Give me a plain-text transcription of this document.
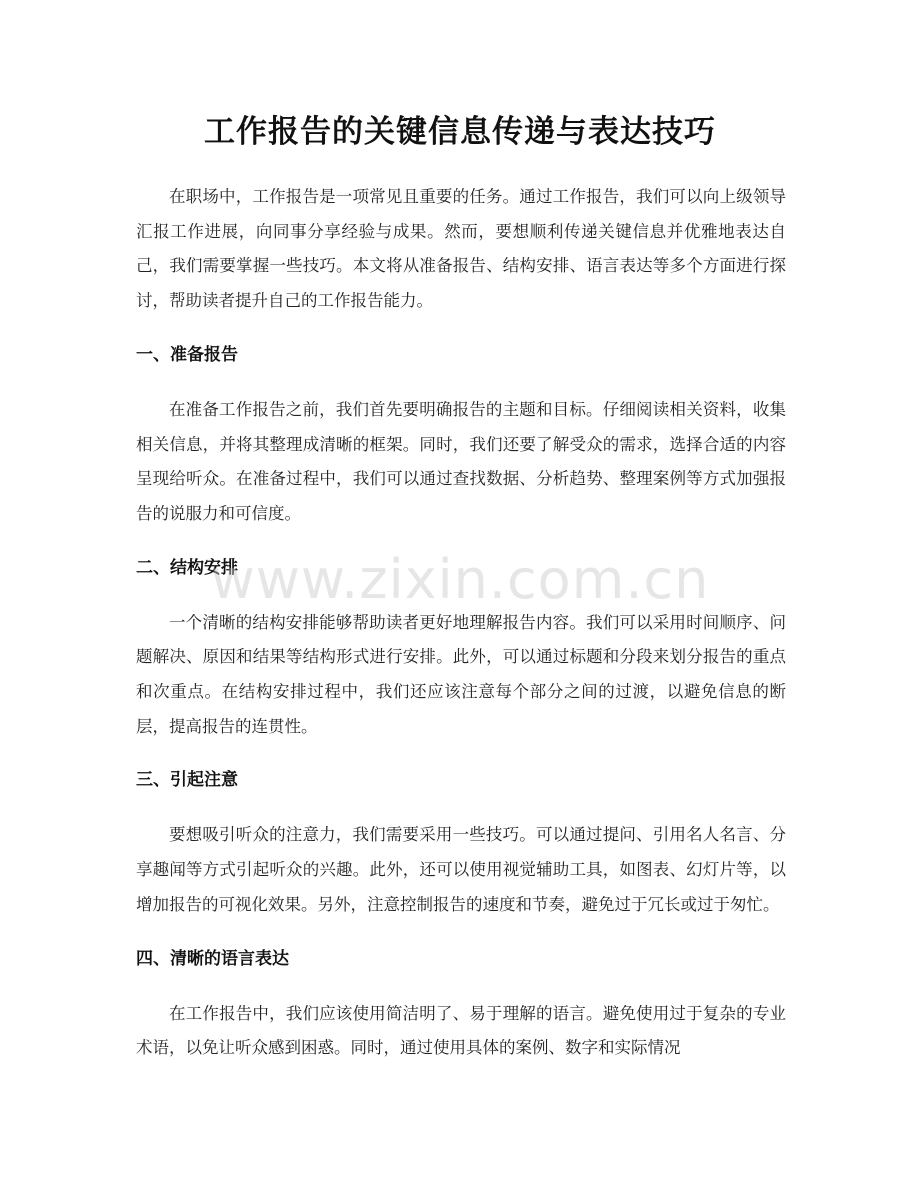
工作报告的关键信息传递与表达技巧

在职场中，工作报告是一项常见且重要的任务。通过工作报告，我们可以向上级领导汇报工作进展，向同事分享经验与成果。然而，要想顺利传递关键信息并优雅地表达自己，我们需要掌握一些技巧。本文将从准备报告、结构安排、语言表达等多个方面进行探讨，帮助读者提升自己的工作报告能力。

一、准备报告

在准备工作报告之前，我们首先要明确报告的主题和目标。仔细阅读相关资料，收集相关信息，并将其整理成清晰的框架。同时，我们还要了解受众的需求，选择合适的内容呈现给听众。在准备过程中，我们可以通过查找数据、分析趋势、整理案例等方式加强报告的说服力和可信度。

二、结构安排

一个清晰的结构安排能够帮助读者更好地理解报告内容。我们可以采用时间顺序、问题解决、原因和结果等结构形式进行安排。此外，可以通过标题和分段来划分报告的重点和次重点。在结构安排过程中，我们还应该注意每个部分之间的过渡，以避免信息的断层，提高报告的连贯性。

三、引起注意

要想吸引听众的注意力，我们需要采用一些技巧。可以通过提问、引用名人名言、分享趣闻等方式引起听众的兴趣。此外，还可以使用视觉辅助工具，如图表、幻灯片等，以增加报告的可视化效果。另外，注意控制报告的速度和节奏，避免过于冗长或过于匆忙。

四、清晰的语言表达

在工作报告中，我们应该使用简洁明了、易于理解的语言。避免使用过于复杂的专业术语，以免让听众感到困惑。同时，通过使用具体的案例、数字和实际情况

www.zixin.com.cn
